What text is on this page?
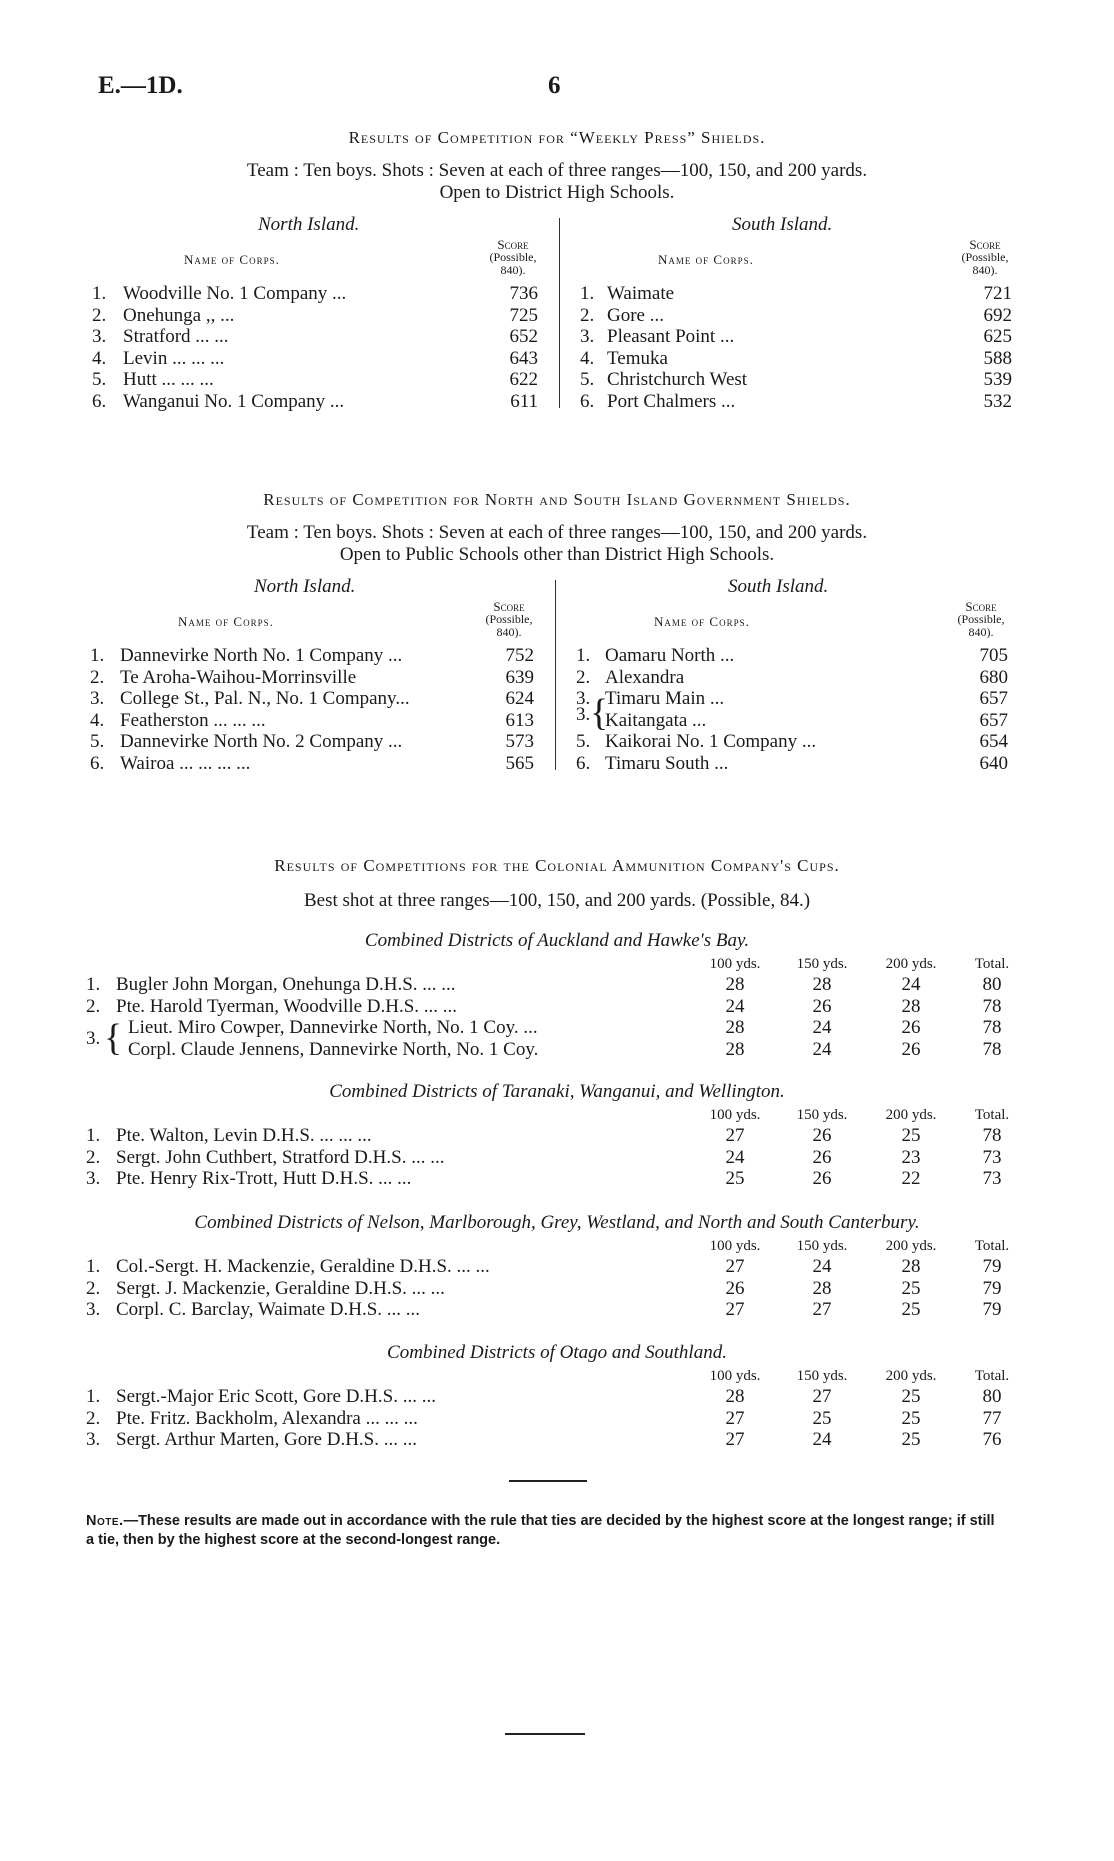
E.—1D.	6
Results of Competition for “Weekly Press” Shields.
Team : Ten boys. Shots : Seven at each of three ranges—100, 150, and 200 yards.
Open to District High Schools.
North Island.	South Island.
Name of Corps.
Score
(Possible,
840).
Name of Corps.
Score
(Possible,
840).
1. Woodville No. 1 Company ...	736
2. Onehunga ,, ...	725
3. Stratford ... ...	652
4. Levin ... ... ...	643
5. Hutt ... ... ...	622
6. Wanganui No. 1 Company ...	611
1. Waimate	721
2. Gore ...	692
3. Pleasant Point ...	625
4. Temuka	588
5. Christchurch West	539
6. Port Chalmers ...	532
Results of Competition for North and South Island Government Shields.
Team : Ten boys. Shots : Seven at each of three ranges—100, 150, and 200 yards.
Open to Public Schools other than District High Schools.
North Island.	South Island.
Name of Corps.
Score
(Possible,
840).
Name of Corps.
Score
(Possible,
840).
{
3.
1. Dannevirke North No. 1 Company ...	752
2. Te Aroha-Waihou-Morrinsville	639
3. College St., Pal. N., No. 1 Company...	624
4. Featherston ... ... ...	613
5. Dannevirke North No. 2 Company ...	573
6. Wairoa ... ... ... ...	565
1. Oamaru North ...	705
2. Alexandra	680
3. Timaru Main ...	657
Kaitangata ...	657
5. Kaikorai No. 1 Company ...	654
6. Timaru South ...	640
Results of Competitions for the Colonial Ammunition Company's Cups.
Best shot at three ranges—100, 150, and 200 yards. (Possible, 84.)
Combined Districts of Auckland and Hawke's Bay.
100 yds.	150 yds.	200 yds.	Total.
1. Bugler John Morgan, Onehunga D.H.S. ... ...	28	28	24	80
2. Pte. Harold Tyerman, Woodville D.H.S. ... ...	24	26	28	78
Lieut. Miro Cowper, Dannevirke North, No. 1 Coy. ...	28	24	26	78
Corpl. Claude Jennens, Dannevirke North, No. 1 Coy.	28	24	26	78
{
3.
Combined Districts of Taranaki, Wanganui, and Wellington.
100 yds.	150 yds.	200 yds.	Total.
1. Pte. Walton, Levin D.H.S. ... ... ...	27	26	25	78
2. Sergt. John Cuthbert, Stratford D.H.S. ... ...	24	26	23	73
3. Pte. Henry Rix-Trott, Hutt D.H.S. ... ...	25	26	22	73
Combined Districts of Nelson, Marlborough, Grey, Westland, and North and South Canterbury.
100 yds.	150 yds.	200 yds.	Total.
1. Col.-Sergt. H. Mackenzie, Geraldine D.H.S. ... ...	27	24	28	79
2. Sergt. J. Mackenzie, Geraldine D.H.S. ... ...	26	28	25	79
3. Corpl. C. Barclay, Waimate D.H.S. ... ...	27	27	25	79
Combined Districts of Otago and Southland.
100 yds.	150 yds.	200 yds.	Total.
1. Sergt.-Major Eric Scott, Gore D.H.S. ... ...	28	27	25	80
2. Pte. Fritz. Backholm, Alexandra ... ... ...	27	25	25	77
3. Sergt. Arthur Marten, Gore D.H.S. ... ...	27	24	25	76
Note.—These results are made out in accordance with the rule that ties are decided by the highest score at the longest range; if still a tie, then by the highest score at the second-longest range.
